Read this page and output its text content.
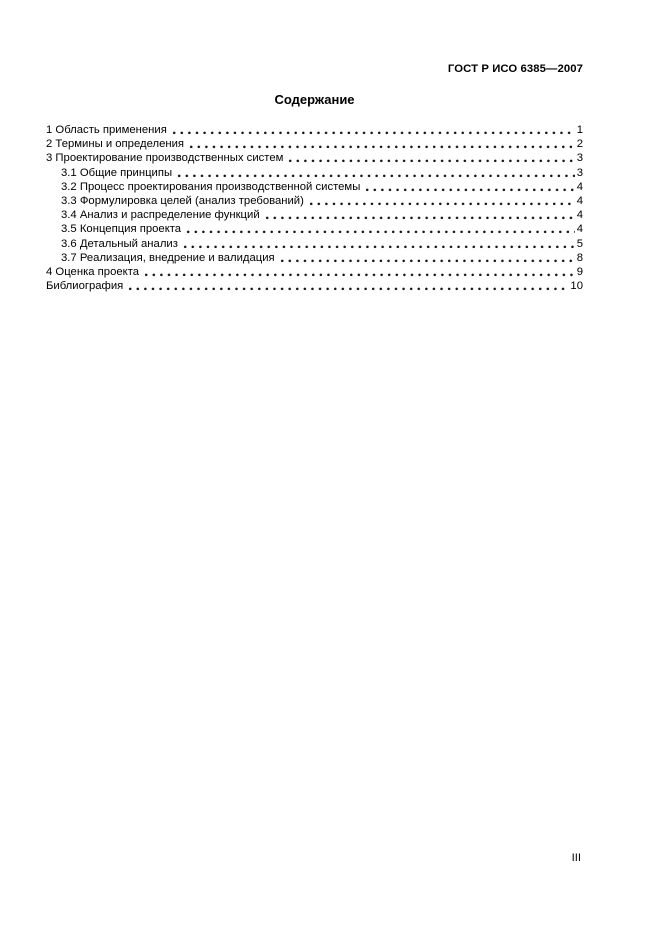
ГОСТ Р ИСО 6385—2007
Содержание
1 Область применения	1
2 Термины и определения	2
3 Проектирование производственных систем	3
3.1 Общие принципы	3
3.2 Процесс проектирования производственной системы	4
3.3 Формулировка целей (анализ требований)	4
3.4 Анализ и распределение функций	4
3.5 Концепция проекта	4
3.6 Детальный анализ	5
3.7 Реализация, внедрение и валидация	8
4 Оценка проекта	9
Библиография	10
III
